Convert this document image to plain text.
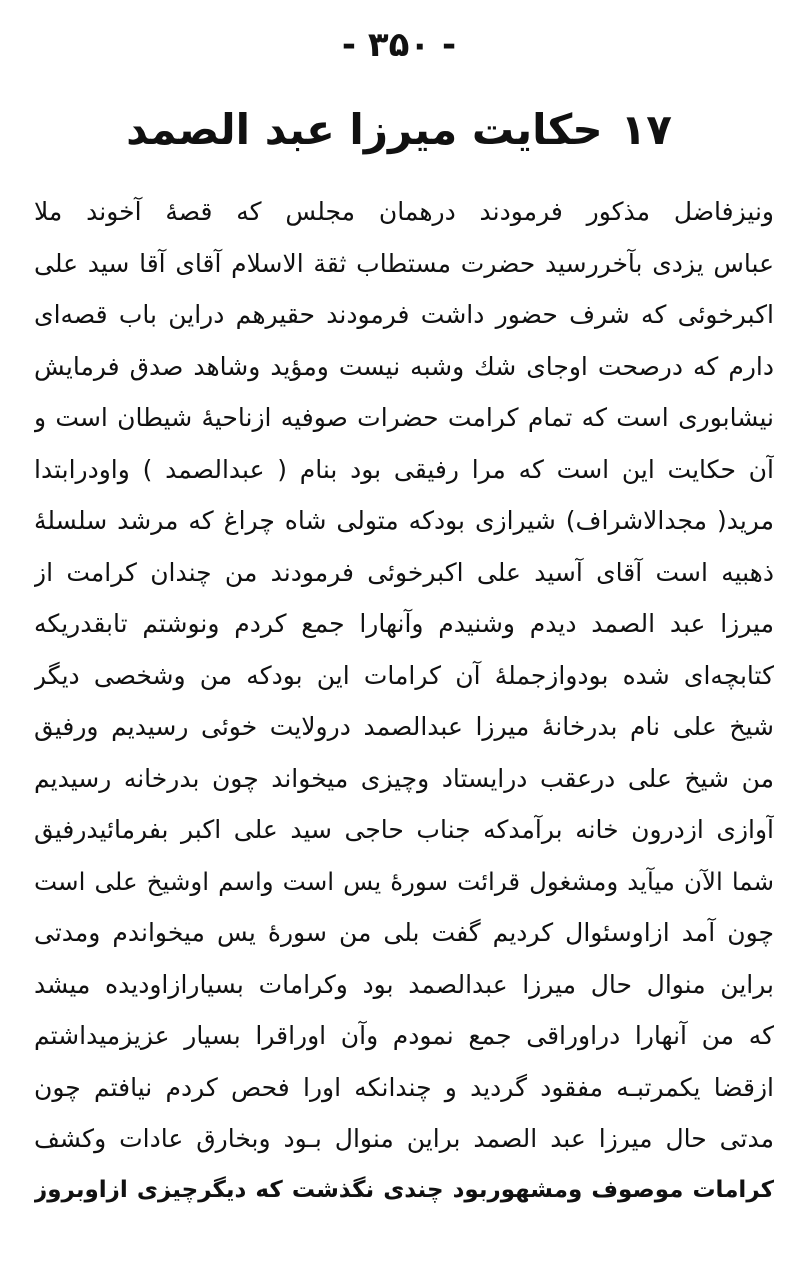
- ۳۵۰ -
۱۷حکایت میرزا عبد الصمد
ونیزفاضل مذکور فرمودند درهمان مجلس که قصهٔ آخوند ملا
عباس یزدی بآخررسید حضرت مستطاب ثقة الاسلام آقای آقا سید علی
اکبرخوئی که شرف حضور داشت فرمودند حقیرهم دراین باب قصه‌ای
دارم که درصحت اوجای شك وشبه نیست ومؤید وشاهد صدق فرمایش
نیشابوری است که تمام کرامت حضرات صوفیه ازناحیهٔ شیطان است و
آن حکایت این است که مرا رفیقی بود بنام ( عبدالصمد ) واودرابتدا
مرید( مجدالاشراف) شیرازی بودکه متولی شاه چراغ که مرشد سلسلهٔ
ذهبیه است آقای آسید علی اکبرخوئی فرمودند من چندان کرامت از
میرزا عبد الصمد دیدم وشنیدم وآنهارا جمع کردم ونوشتم تابقدریکه
کتابچه‌ای شده بودوازجملهٔ آن کرامات این بودکه من وشخصی دیگر
شیخ علی نام بدرخانهٔ میرزا عبدالصمد درولایت خوئی رسیدیم ورفیق
من شیخ علی درعقب درایستاد وچیزی میخواند چون بدرخانه رسیدیم
آوازی ازدرون خانه برآمدکه جناب حاجی سید علی اکبر بفرمائیدرفیق
شما الآن میآید ومشغول قرائت سورهٔ یس است واسم اوشیخ علی است
چون آمد ازاوسئوال کردیم گفت بلی من سورهٔ یس میخواندم ومدتی
براین منوال حال میرزا عبدالصمد بود وکرامات بسیارازاودیده میشد
که من آنهارا دراوراقی جمع نمودم وآن اوراقرا بسیار عزیزمیداشتم
ازقضا یکمرتبـه مفقود گردید و چندانکه اورا فحص کردم نیافتم چون
مدتی حال میرزا عبد الصمد براین منوال بـود وبخارق عادات وکشف
کرامات موصوف ومشهوربود چندی نگذشت که دیگرچیزی ازاوبروز
